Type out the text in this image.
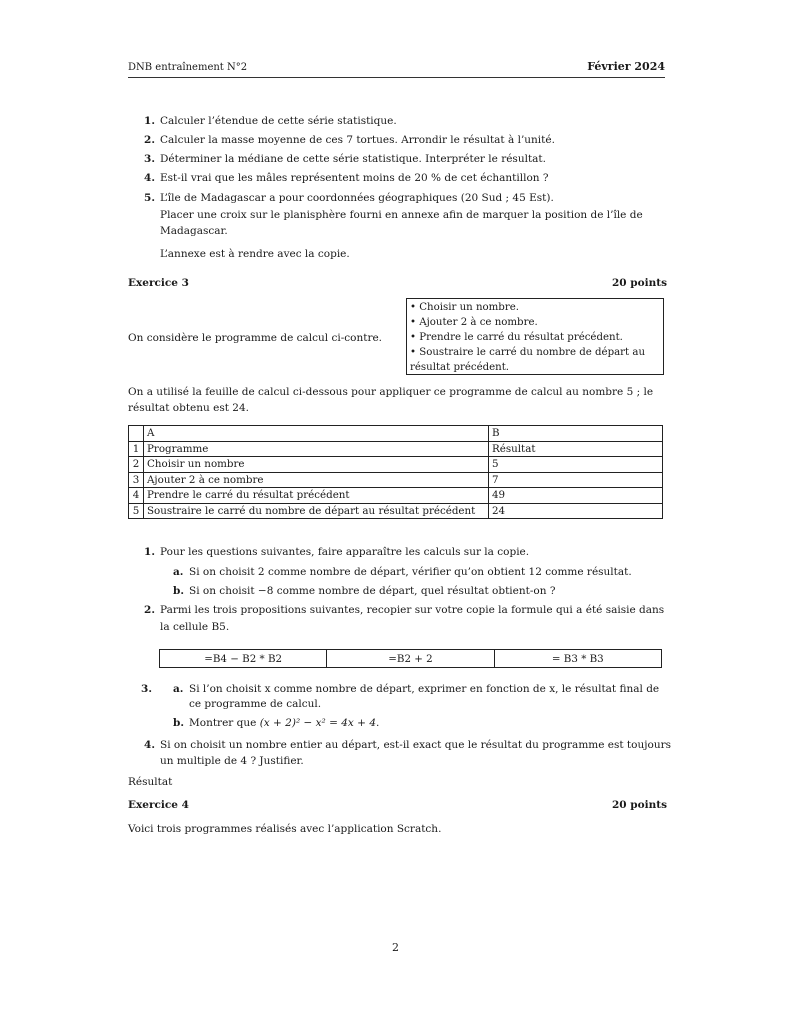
DNB entraînement N°2	Février 2024
1. Calculer l’étendue de cette série statistique.
2. Calculer la masse moyenne de ces 7 tortues. Arrondir le résultat à l’unité.
3. Déterminer la médiane de cette série statistique. Interpréter le résultat.
4. Est-il vrai que les mâles représentent moins de 20 % de cet échantillon ?
5. L’île de Madagascar a pour coordonnées géographiques (20 Sud ; 45 Est).
Placer une croix sur le planisphère fourni en annexe afin de marquer la position de l’île de
Madagascar.
L’annexe est à rendre avec la copie.
Exercice 3	20 points
On considère le programme de calcul ci-contre.
• Choisir un nombre.
• Ajouter 2 à ce nombre.
• Prendre le carré du résultat précédent.
• Soustraire le carré du nombre de départ au
résultat précédent.
On a utilisé la feuille de calcul ci-dessous pour appliquer ce programme de calcul au nombre 5 ; le
résultat obtenu est 24.
	A	B
1	Programme	Résultat
2	Choisir un nombre	5
3	Ajouter 2 à ce nombre	7
4	Prendre le carré du résultat précédent	49
5	Soustraire le carré du nombre de départ au résultat précédent	24
1. Pour les questions suivantes, faire apparaître les calculs sur la copie.
a. Si on choisit 2 comme nombre de départ, vérifier qu’on obtient 12 comme résultat.
b. Si on choisit −8 comme nombre de départ, quel résultat obtient-on ?
2. Parmi les trois propositions suivantes, recopier sur votre copie la formule qui a été saisie dans
la cellule B5.
=B4 − B2 * B2	=B2 + 2	= B3 * B3
3. a. Si l’on choisit x comme nombre de départ, exprimer en fonction de x, le résultat final de
ce programme de calcul.
b. Montrer que (x + 2)² − x² = 4x + 4.
4. Si on choisit un nombre entier au départ, est-il exact que le résultat du programme est toujours
un multiple de 4 ? Justifier.
Résultat
Exercice 4	20 points
Voici trois programmes réalisés avec l’application Scratch.
2
